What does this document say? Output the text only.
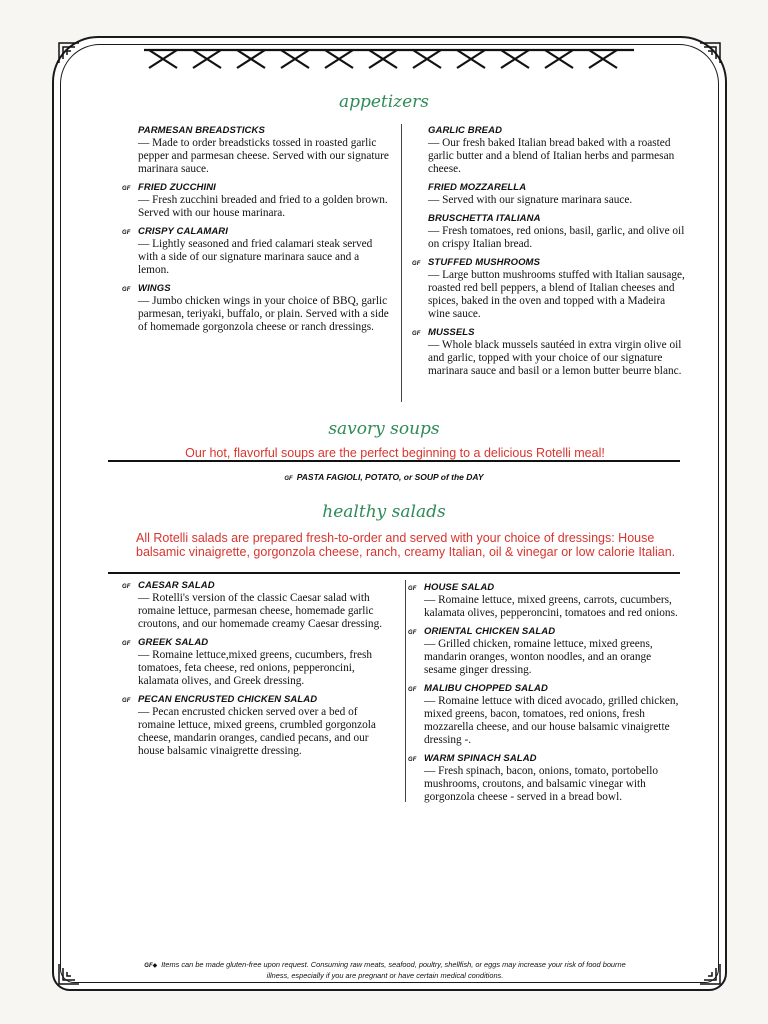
appetizers
PARMESAN BREADSTICKS
— Made to order breadsticks tossed in roasted garlic pepper and parmesan cheese. Served with our signature marinara sauce.
GF FRIED ZUCCHINI
— Fresh zucchini breaded and fried to a golden brown. Served with our house marinara.
GF CRISPY CALAMARI
— Lightly seasoned and fried calamari steak served with a side of our signature marinara sauce and a lemon.
GF WINGS
— Jumbo chicken wings in your choice of BBQ, garlic parmesan, teriyaki, buffalo, or plain. Served with a side of homemade gorgonzola cheese or ranch dressings.
GARLIC BREAD
— Our fresh baked Italian bread baked with a roasted garlic butter and a blend of Italian herbs and parmesan cheese.
FRIED MOZZARELLA
— Served with our signature marinara sauce.
BRUSCHETTA ITALIANA
— Fresh tomatoes, red onions, basil, garlic, and olive oil on crispy Italian bread.
GF STUFFED MUSHROOMS
— Large button mushrooms stuffed with Italian sausage, roasted red bell peppers, a blend of Italian cheeses and spices, baked in the oven and topped with a Madeira wine sauce.
GF MUSSELS
— Whole black mussels sautéed in extra virgin olive oil and garlic, topped with your choice of our signature marinara sauce and basil or a lemon butter beurre blanc.
savory soups
Our hot, flavorful soups are the perfect beginning to a delicious Rotelli meal!
GF PASTA FAGIOLI, POTATO, or SOUP of the DAY
healthy salads
All Rotelli salads are prepared fresh-to-order and served with your choice of dressings: House balsamic vinaigrette, gorgonzola cheese, ranch, creamy Italian, oil & vinegar or low calorie Italian.
GF CAESAR SALAD
— Rotelli's version of the classic Caesar salad with romaine lettuce, parmesan cheese, homemade garlic croutons, and our homemade creamy Caesar dressing.
GF GREEK SALAD
— Romaine lettuce,mixed greens, cucumbers, fresh tomatoes, feta cheese, red onions, pepperoncini, kalamata olives, and Greek dressing.
GF PECAN ENCRUSTED CHICKEN SALAD
— Pecan encrusted chicken served over a bed of romaine lettuce, mixed greens, crumbled gorgonzola cheese, mandarin oranges, candied pecans, and our house balsamic vinaigrette dressing.
GF HOUSE SALAD
— Romaine lettuce, mixed greens, carrots, cucumbers, kalamata olives, pepperoncini, tomatoes and red onions.
GF ORIENTAL CHICKEN SALAD
— Grilled chicken, romaine lettuce, mixed greens, mandarin oranges, wonton noodles, and an orange sesame ginger dressing.
GF MALIBU CHOPPED SALAD
— Romaine lettuce with diced avocado, grilled chicken, mixed greens, bacon, tomatoes, red onions, fresh mozzarella cheese, and our house balsamic vinaigrette dressing -.
GF WARM SPINACH SALAD
— Fresh spinach, bacon, onions, tomato, portobello mushrooms, croutons, and balsamic vinegar with gorgonzola cheese - served in a bread bowl.
GF◆ Items can be made gluten-free upon request. Consuming raw meats, seafood, poultry, shellfish, or eggs may increase your risk of food bourne
illness, especially if you are pregnant or have certain medical conditions.
